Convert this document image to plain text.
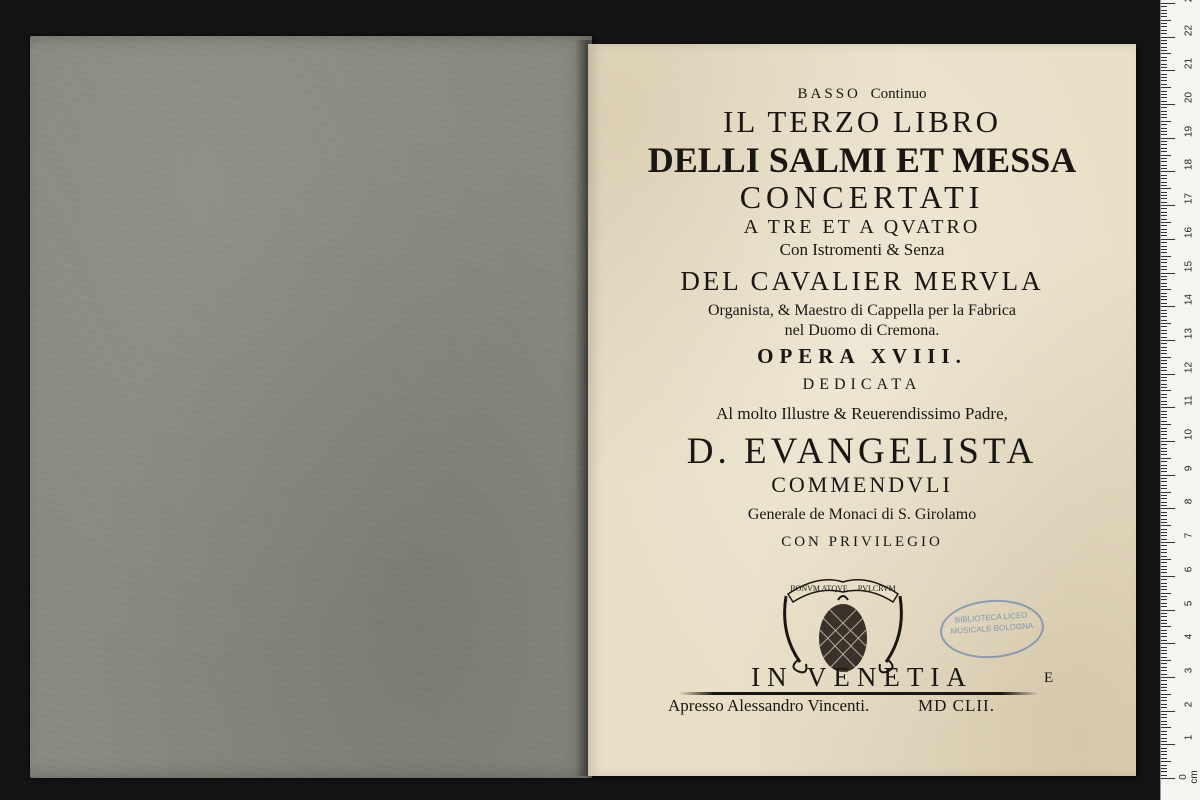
BASSO Continuo
IL TERZO LIBRO
DELLI SALMI ET MESSA
CONCERTATI
A TRE ET A QVATRO
Con Istromenti & Senza
DEL CAVALIER MERVLA
Organista, & Maestro di Cappella per la Fabrica
nel Duomo di Cremona.
OPERA XVIII.
DEDICATA
Al molto Illustre & Reuerendissimo Padre,
D. EVANGELISTA
COMMENDVLI
Generale de Monaci di S. Girolamo
CON PRIVILEGIO
BONVM ATQVE ... PVLCRVM
BIBLIOTECA LICEO MUSICALE BOLOGNA
IN VENETIA	E
Apresso Alessandro Vincenti.	MD CLII.
0 cm
1
2
3
4
5
6
7
8
9
10
11
12
13
14
15
16
17
18
19
20
21
22
